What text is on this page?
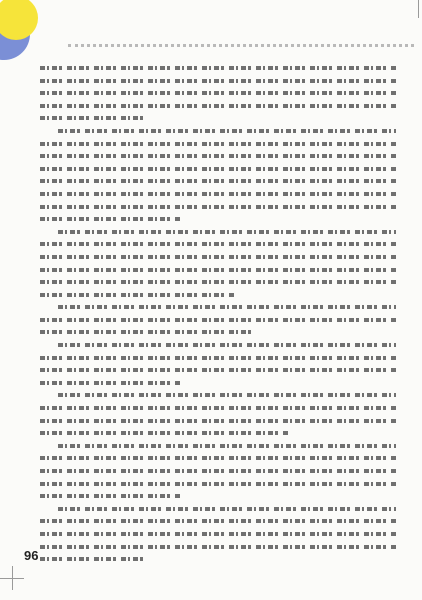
96
